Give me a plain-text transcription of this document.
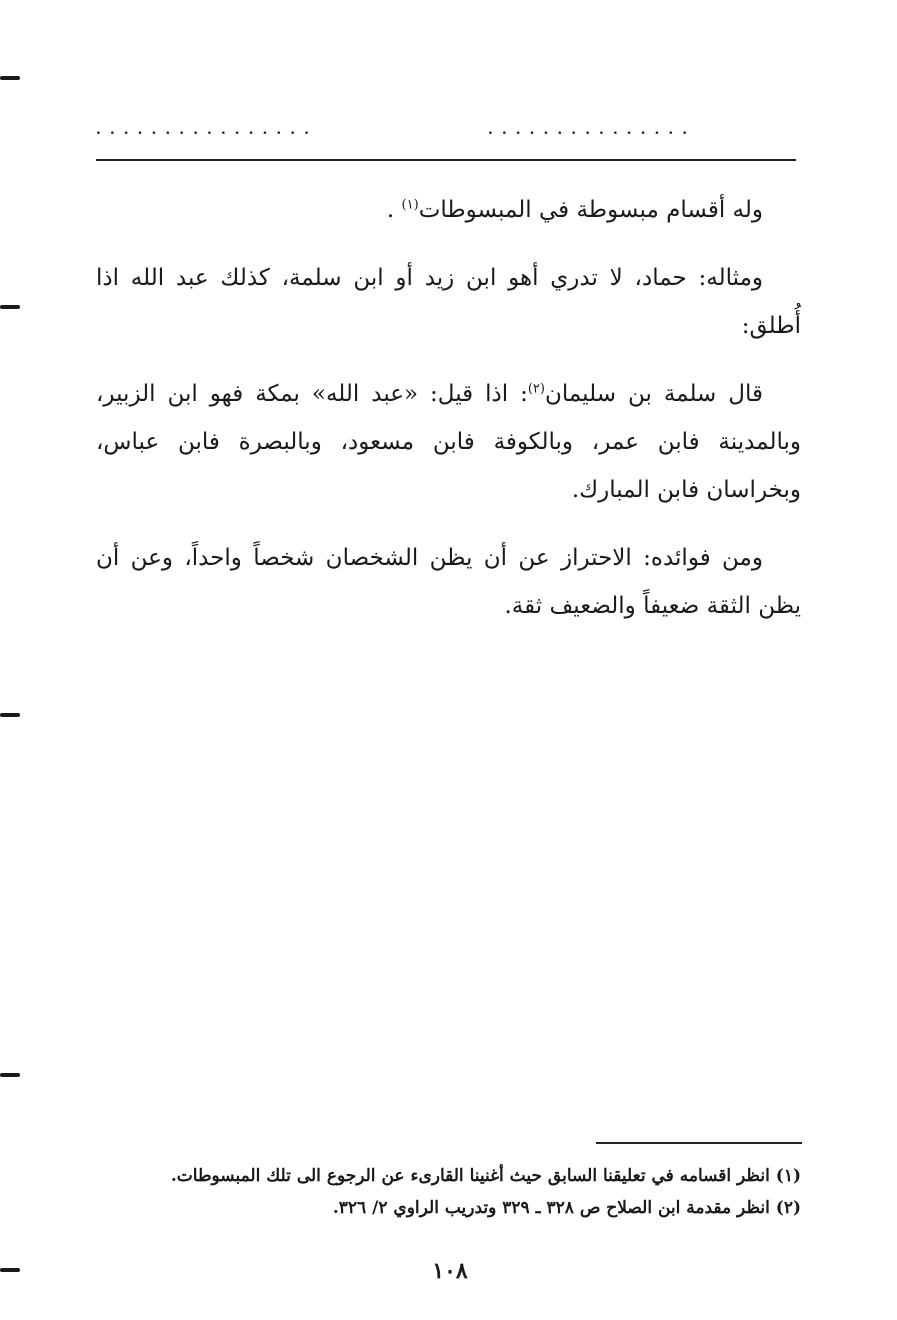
................	...............

وله أقسام مبسوطة في المبسوطات$^{(١)}$ .

ومثاله: حماد، لا تدري أهو ابن زيد أو ابن سلمة، كذلك عبد الله اذا أُطلق:

قال سلمة بن سليمان$^{(٢)}$: اذا قيل: «عبد الله» بمكة فهو ابن الزبير، وبالمدينة فابن عمر، وبالكوفة فابن مسعود، وبالبصرة فابن عباس، وبخراسان فابن المبارك.

ومن فوائده: الاحتراز عن أن يظن الشخصان شخصاً واحداً، وعن أن يظن الثقة ضعيفاً والضعيف ثقة.

(١) انظر اقسامه في تعليقنا السابق حيث أغنينا القارىء عن الرجوع الى تلك المبسوطات.

(٢) انظر مقدمة ابن الصلاح ص ٣٢٨ ـ ٣٢٩ وتدريب الراوي ٢/ ٣٢٦.

١٠٨
